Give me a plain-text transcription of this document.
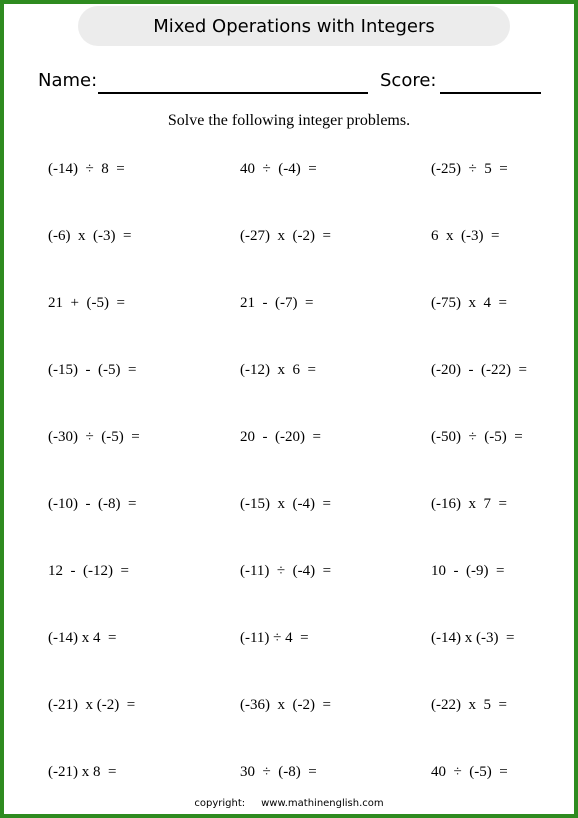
Mixed Operations with Integers
Name:	Score:
Solve the following integer problems.
(-14)  ÷  8  =	40  ÷  (-4)  =	(-25)  ÷  5  =
(-6)  x  (-3)  =	(-27)  x  (-2)  =	6  x  (-3)  =
21  +  (-5)  =	21  -  (-7)  =	(-75)  x  4  =
(-15)  -  (-5)  =	(-12)  x  6  =	(-20)  -  (-22)  =
(-30)  ÷  (-5)  =	20  -  (-20)  =	(-50)  ÷  (-5)  =
(-10)  -  (-8)  =	(-15)  x  (-4)  =	(-16)  x  7  =
12  -  (-12)  =	(-11)  ÷  (-4)  =	10  -  (-9)  =
(-14) x 4  =	(-11) ÷ 4  =	(-14) x (-3)  =
(-21)  x (-2)  =	(-36)  x  (-2)  =	(-22)  x  5  =
(-21) x 8  =	30  ÷  (-8)  =	40  ÷  (-5)  =
copyright: www.mathinenglish.com
